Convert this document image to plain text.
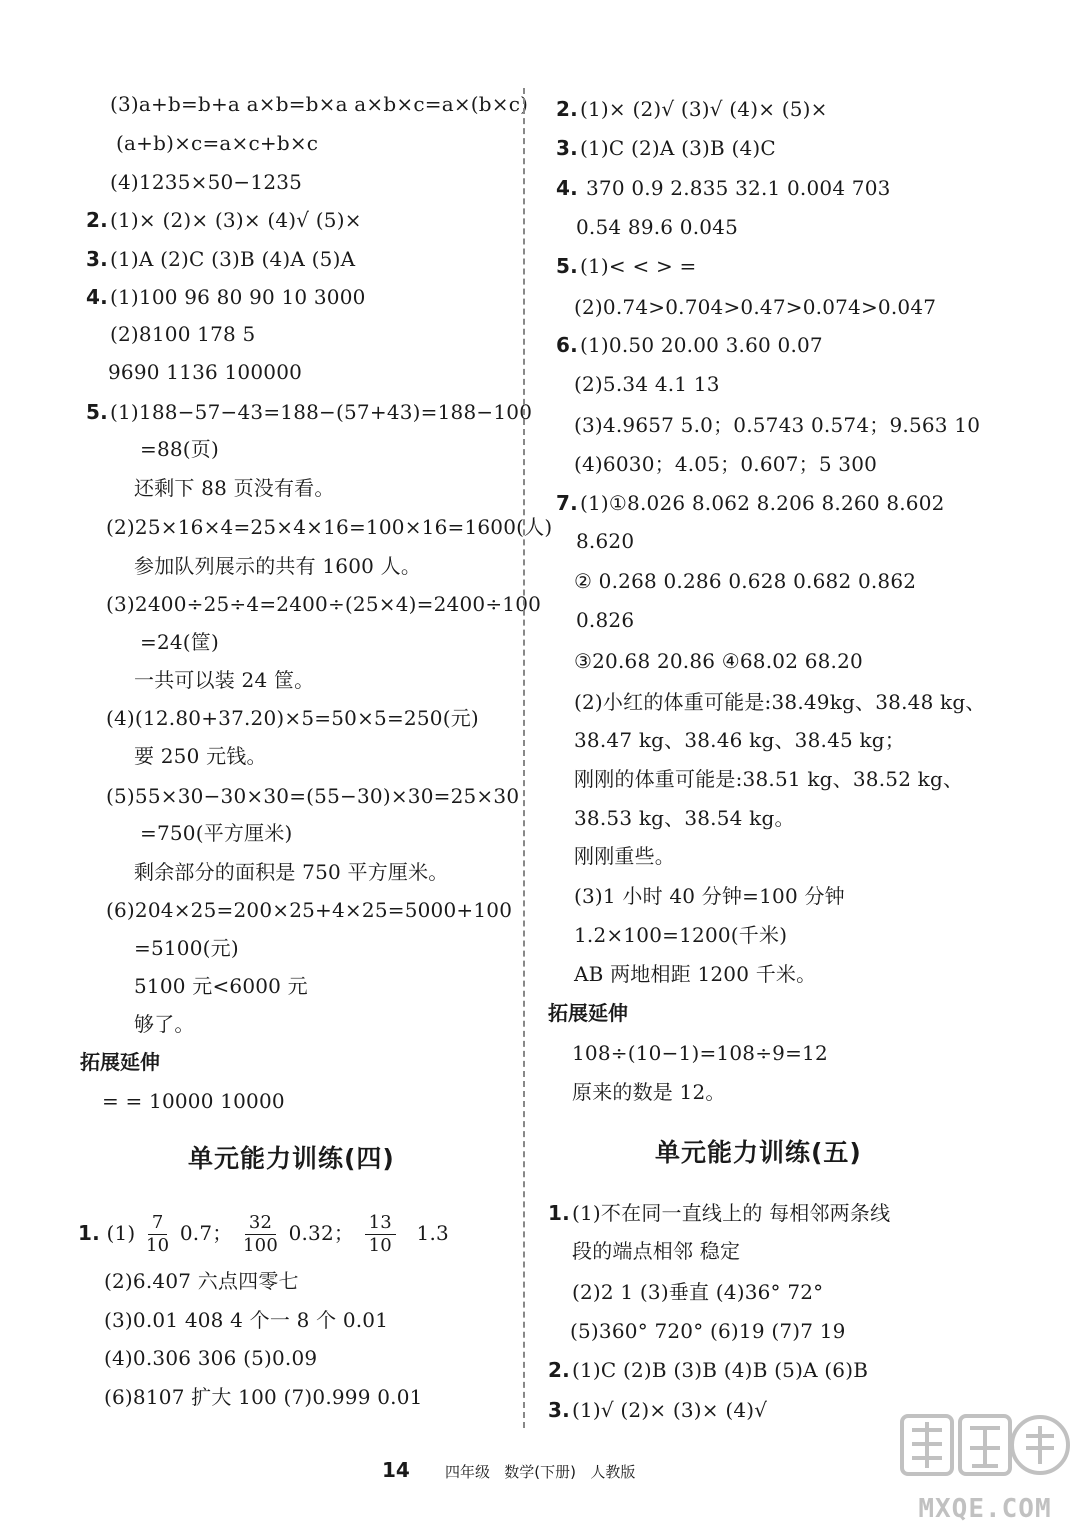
(3)a+b=b+a a×b=b×a a×b×c=a×(b×c)
(a+b)×c=a×c+b×c
(4)1235×50−1235
2. (1)× (2)× (3)× (4)√ (5)×
3. (1)A (2)C (3)B (4)A (5)A
4. (1)100 96 80 90 10 3000
(2)8100 178 5
9690 1136 100000
5. (1)188−57−43=188−(57+43)=188−100
=88(页)
还剩下 88 页没有看。
(2)25×16×4=25×4×16=100×16=1600(人)
参加队列展示的共有 1600 人。
(3)2400÷25÷4=2400÷(25×4)=2400÷100
=24(筐)
一共可以装 24 筐。
(4)(12.80+37.20)×5=50×5=250(元)
要 250 元钱。
(5)55×30−30×30=(55−30)×30=25×30
=750(平方厘米)
剩余部分的面积是 750 平方厘米。
(6)204×25=200×25+4×25=5000+100
=5100(元)
5100 元<6000 元
够了。
拓展延伸
= = 10000 10000
单元能力训练(四)
1. $(1) \frac{7}{10} 0.7$； $\frac{32}{100} 0.32$； $\frac{13}{10} 1.3$
(2)6.407 六点四零七
(3)0.01 408 4 个一 8 个 0.01
(4)0.306 306 (5)0.09
(6)8107 扩大 100 (7)0.999 0.01
2. (1)× (2)√ (3)√ (4)× (5)×
3. (1)C (2)A (3)B (4)C
4. 370 0.9 2.835 32.1 0.004 703
0.54 89.6 0.045
5. (1)< < > =
(2)0.74>0.704>0.47>0.074>0.047
6. (1)0.50 20.00 3.60 0.07
(2)5.34 4.1 13
(3)4.9657 5.0；0.5743 0.574；9.563 10
(4)6030；4.05；0.607；5 300
7. (1)①8.026 8.062 8.206 8.260 8.602
8.620
② 0.268 0.286 0.628 0.682 0.862
0.826
③20.68 20.86 ④68.02 68.20
(2)小红的体重可能是:38.49kg、38.48 kg、
38.47 kg、38.46 kg、38.45 kg；
刚刚的体重可能是:38.51 kg、38.52 kg、
38.53 kg、38.54 kg。
刚刚重些。
(3)1 小时 40 分钟=100 分钟
1.2×100=1200(千米)
AB 两地相距 1200 千米。
拓展延伸
108÷(10−1)=108÷9=12
原来的数是 12。
单元能力训练(五)
1. (1)不在同一直线上的 每相邻两条线
段的端点相邻 稳定
(2)2 1 (3)垂直 (4)36° 72°
(5)360° 720° (6)19 (7)7 19
2. (1)C (2)B (3)B (4)B (5)A (6)B
3. (1)√ (2)× (3)× (4)√
14 四年级   数学(下册)   人教版
MXQE.COM
